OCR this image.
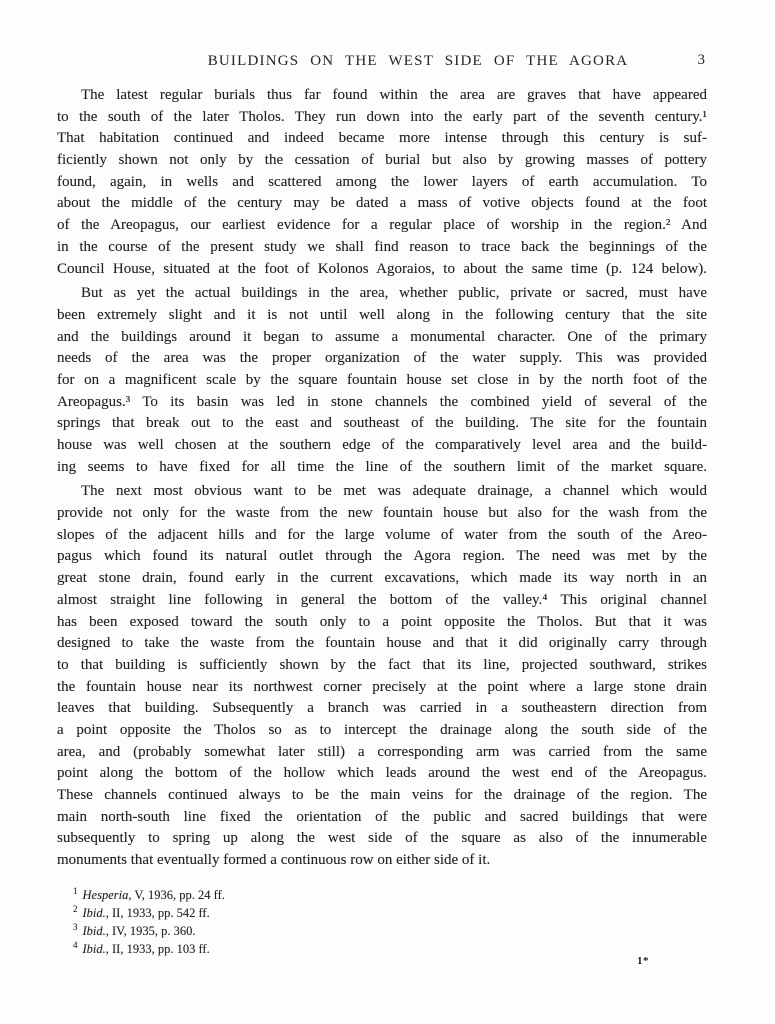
BUILDINGS ON THE WEST SIDE OF THE AGORA	3
The latest regular burials thus far found within the area are graves that have appeared
to the south of the later Tholos. They run down into the early part of the seventh century.¹
That habitation continued and indeed became more intense through this century is suf-
ficiently shown not only by the cessation of burial but also by growing masses of pottery
found, again, in wells and scattered among the lower layers of earth accumulation. To
about the middle of the century may be dated a mass of votive objects found at the foot
of the Areopagus, our earliest evidence for a regular place of worship in the region.² And
in the course of the present study we shall find reason to trace back the beginnings of the
Council House, situated at the foot of Kolonos Agoraios, to about the same time (p. 124 below).
But as yet the actual buildings in the area, whether public, private or sacred, must have
been extremely slight and it is not until well along in the following century that the site
and the buildings around it began to assume a monumental character. One of the primary
needs of the area was the proper organization of the water supply. This was provided
for on a magnificent scale by the square fountain house set close in by the north foot of the
Areopagus.³ To its basin was led in stone channels the combined yield of several of the
springs that break out to the east and southeast of the building. The site for the fountain
house was well chosen at the southern edge of the comparatively level area and the build-
ing seems to have fixed for all time the line of the southern limit of the market square.
The next most obvious want to be met was adequate drainage, a channel which would
provide not only for the waste from the new fountain house but also for the wash from the
slopes of the adjacent hills and for the large volume of water from the south of the Areo-
pagus which found its natural outlet through the Agora region. The need was met by the
great stone drain, found early in the current excavations, which made its way north in an
almost straight line following in general the bottom of the valley.⁴ This original channel
has been exposed toward the south only to a point opposite the Tholos. But that it was
designed to take the waste from the fountain house and that it did originally carry through
to that building is sufficiently shown by the fact that its line, projected southward, strikes
the fountain house near its northwest corner precisely at the point where a large stone drain
leaves that building. Subsequently a branch was carried in a southeastern direction from
a point opposite the Tholos so as to intercept the drainage along the south side of the
area, and (probably somewhat later still) a corresponding arm was carried from the same
point along the bottom of the hollow which leads around the west end of the Areopagus.
These channels continued always to be the main veins for the drainage of the region. The
main north-south line fixed the orientation of the public and sacred buildings that were
subsequently to spring up along the west side of the square as also of the innumerable
monuments that eventually formed a continuous row on either side of it.
$^1$ Hesperia, V, 1936, pp. 24 ff.
$^2$ Ibid., II, 1933, pp. 542 ff.
$^3$ Ibid., IV, 1935, p. 360.
$^4$ Ibid., II, 1933, pp. 103 ff.
1*
